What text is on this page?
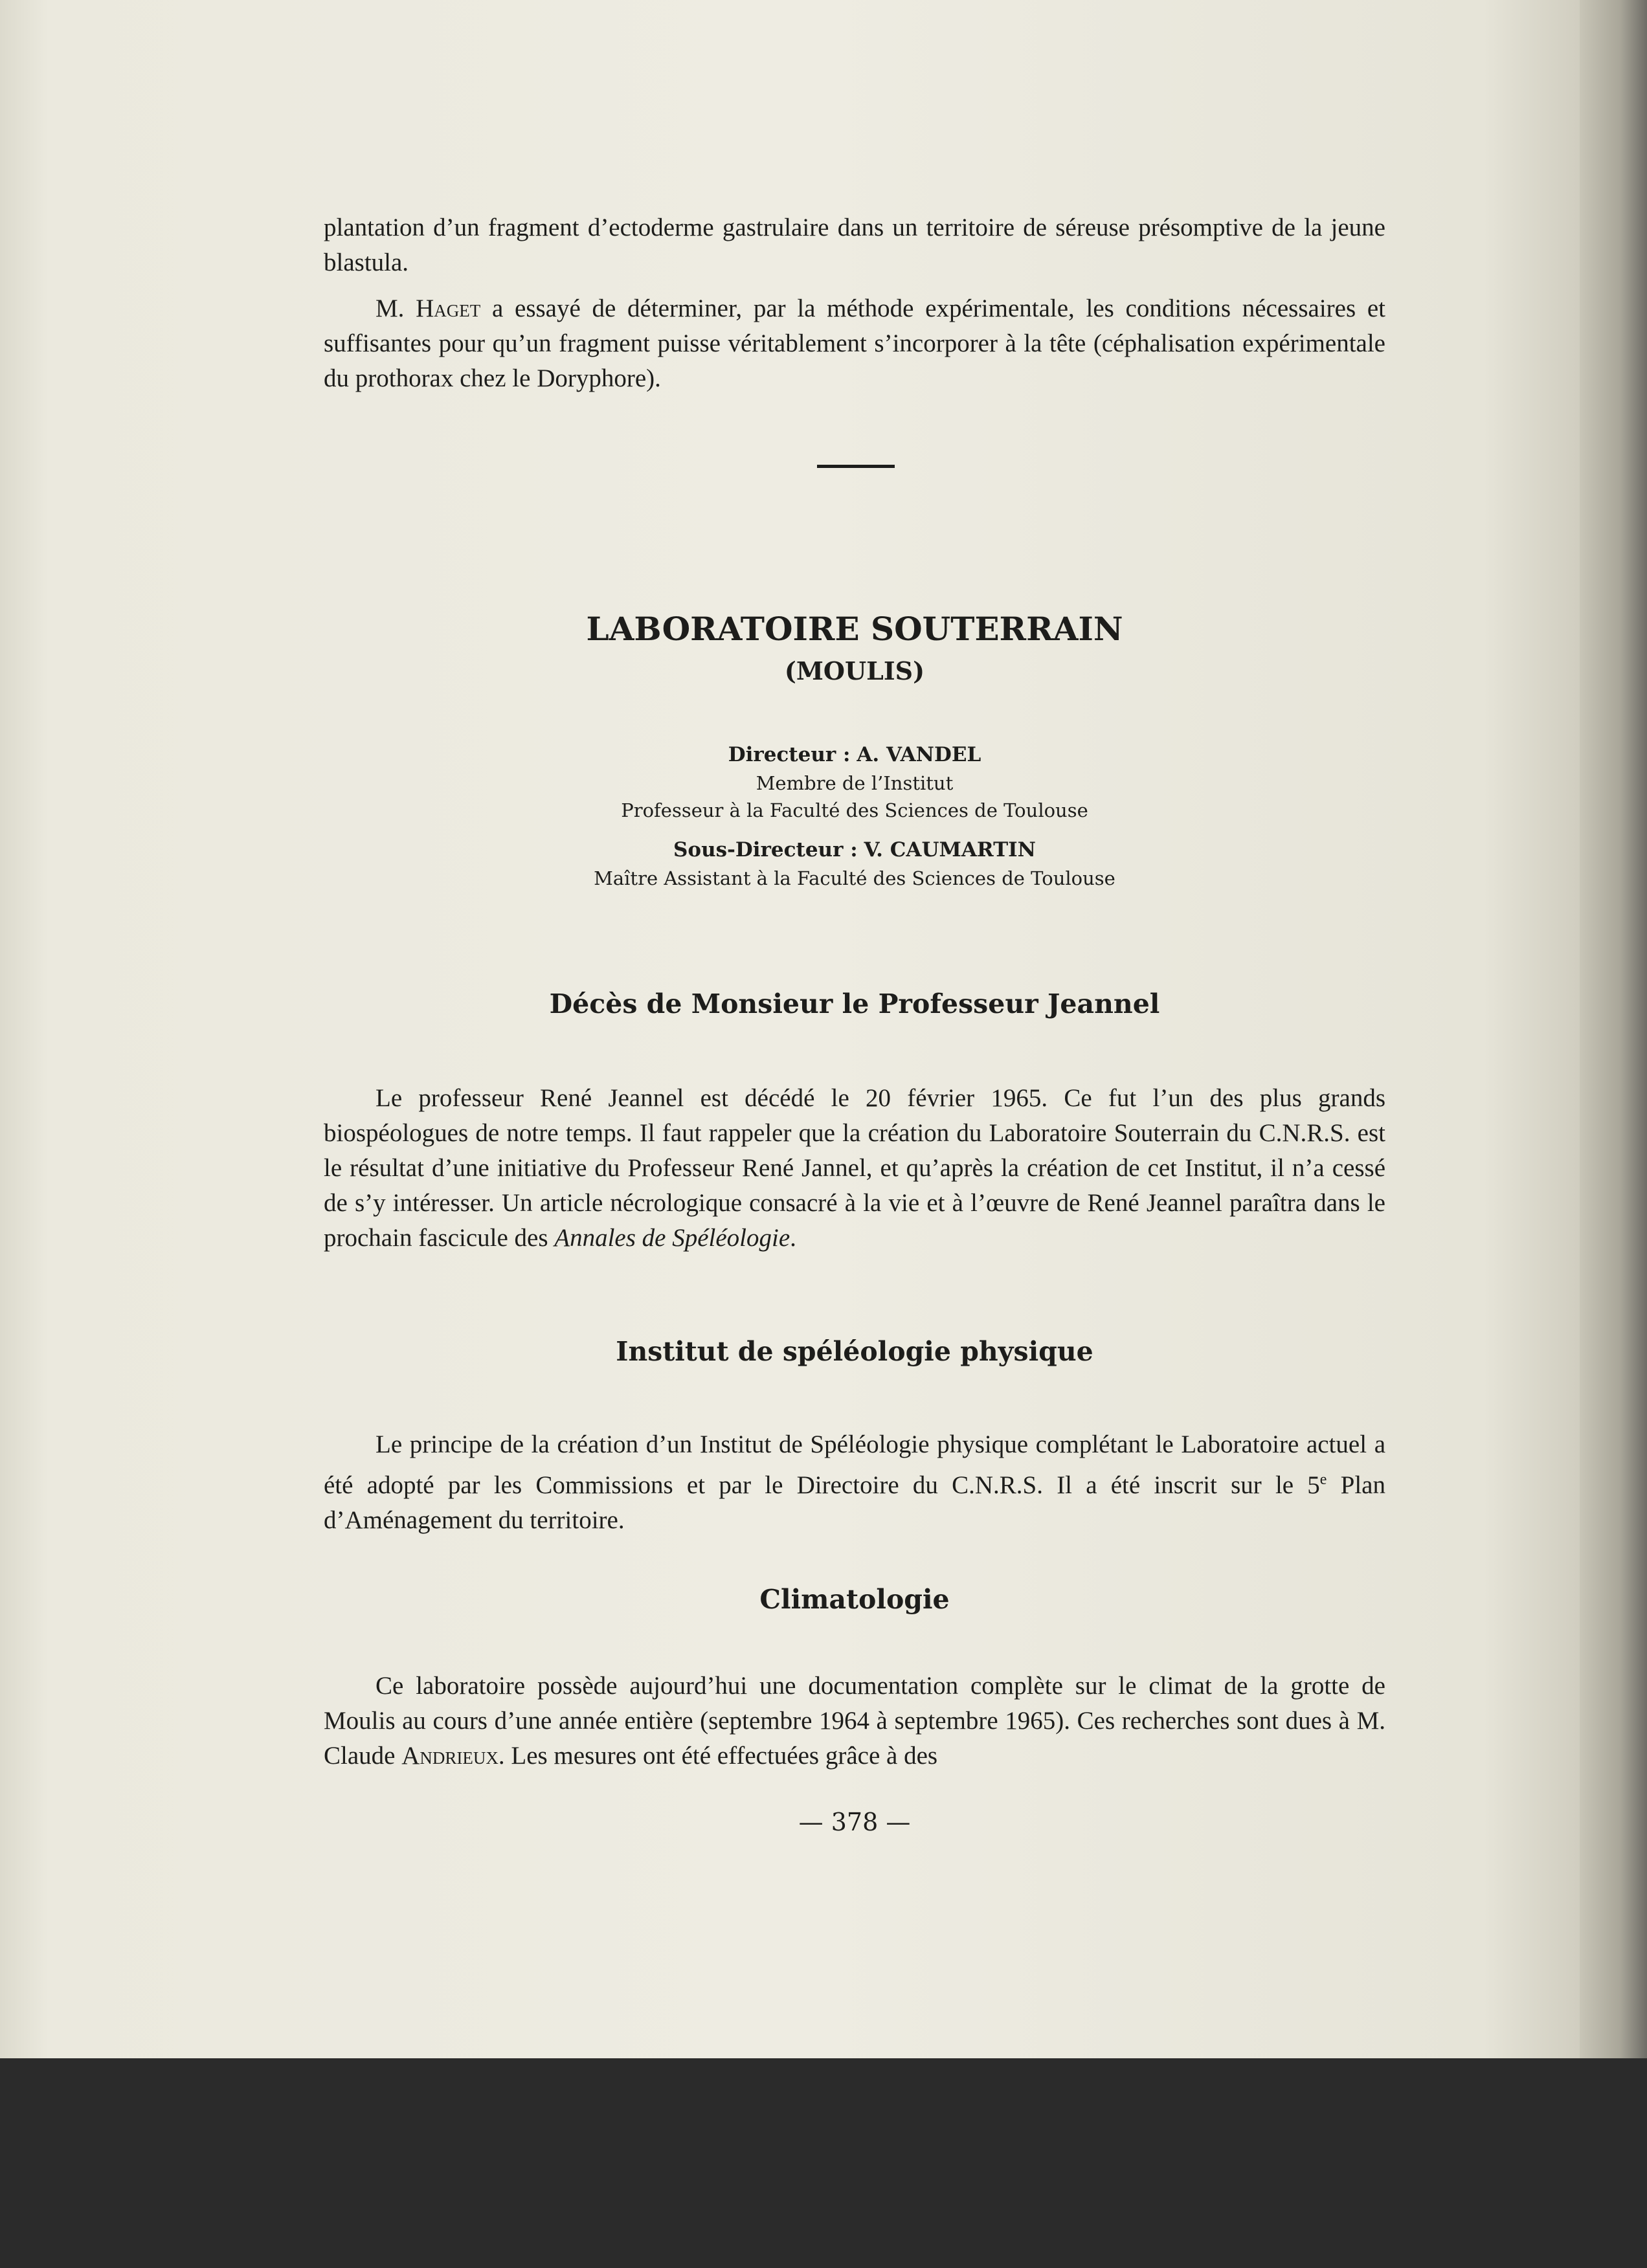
plantation d’un fragment d’ectoderme gastrulaire dans un territoire de séreuse présomptive de la jeune blastula.

M. Haget a essayé de déterminer, par la méthode expérimentale, les conditions nécessaires et suffisantes pour qu’un fragment puisse véritablement s’incorporer à la tête (céphalisation expérimentale du prothorax chez le Doryphore).

LABORATOIRE SOUTERRAIN
(MOULIS)
Directeur : A. VANDEL
Membre de l’Institut
Professeur à la Faculté des Sciences de Toulouse
Sous-Directeur : V. CAUMARTIN
Maître Assistant à la Faculté des Sciences de Toulouse
Décès de Monsieur le Professeur Jeannel

Le professeur René Jeannel est décédé le 20 février 1965. Ce fut l’un des plus grands biospéologues de notre temps. Il faut rappeler que la création du Laboratoire Souterrain du C.N.R.S. est le résultat d’une initiative du Professeur René Jannel, et qu’après la création de cet Institut, il n’a cessé de s’y intéresser. Un article nécrologique consacré à la vie et à l’œuvre de René Jeannel paraîtra dans le prochain fascicule des Annales de Spéléologie.

Institut de spéléologie physique

Le principe de la création d’un Institut de Spéléologie physique complétant le Laboratoire actuel a été adopté par les Commissions et par le Directoire du C.N.R.S. Il a été inscrit sur le 5e Plan d’Aménagement du territoire.

Climatologie

Ce laboratoire possède aujourd’hui une documentation complète sur le climat de la grotte de Moulis au cours d’une année entière (septembre 1964 à septembre 1965). Ces recherches sont dues à M. Claude Andrieux. Les mesures ont été effectuées grâce à des

— 378 —
